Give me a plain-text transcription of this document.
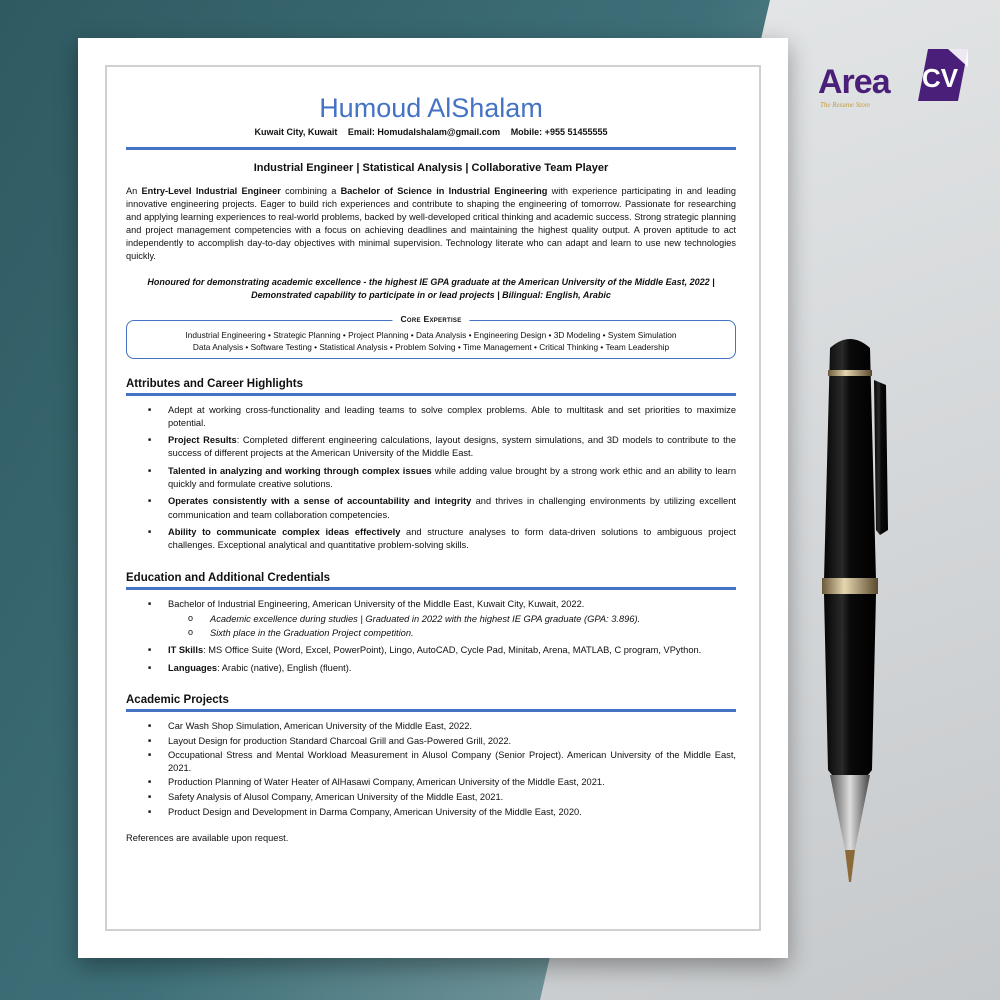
Humoud AlShalam
Kuwait City, Kuwait Email: Homudalshalam@gmail.com Mobile: +955 51455555
Industrial Engineer | Statistical Analysis | Collaborative Team Player
An Entry-Level Industrial Engineer combining a Bachelor of Science in Industrial Engineering with experience participating in and leading innovative engineering projects. Eager to build rich experiences and contribute to shaping the engineering of tomorrow. Passionate for researching and applying learning experiences to real-world problems, backed by well-developed critical thinking and academic success. Strong strategic planning and project management competencies with a focus on achieving deadlines and maintaining the highest quality output. A proven aptitude to act independently to accomplish day-to-day objectives with minimal supervision. Technology literate who can adapt and learn to use new technologies quickly.
Honoured for demonstrating academic excellence - the highest IE GPA graduate at the American University of the Middle East, 2022 |
Demonstrated capability to participate in or lead projects | Bilingual: English, Arabic
Core Expertise
Industrial Engineering • Strategic Planning • Project Planning • Data Analysis • Engineering Design • 3D Modeling • System Simulation
Data Analysis • Software Testing • Statistical Analysis • Problem Solving • Time Management • Critical Thinking • Team Leadership
Attributes and Career Highlights
■ Adept at working cross-functionality and leading teams to solve complex problems. Able to multitask and set priorities to maximize potential.
■ Project Results: Completed different engineering calculations, layout designs, system simulations, and 3D models to contribute to the success of different projects at the American University of the Middle East.
■ Talented in analyzing and working through complex issues while adding value brought by a strong work ethic and an ability to learn quickly and formulate creative solutions.
■ Operates consistently with a sense of accountability and integrity and thrives in challenging environments by utilizing excellent communication and team collaboration competencies.
■ Ability to communicate complex ideas effectively and structure analyses to form data-driven solutions to ambiguous project challenges. Exceptional analytical and quantitative problem-solving skills.
Education and Additional Credentials
■ Bachelor of Industrial Engineering, American University of the Middle East, Kuwait City, Kuwait, 2022.
o Academic excellence during studies | Graduated in 2022 with the highest IE GPA graduate (GPA: 3.896).
o Sixth place in the Graduation Project competition.
■ IT Skills: MS Office Suite (Word, Excel, PowerPoint), Lingo, AutoCAD, Cycle Pad, Minitab, Arena, MATLAB, C program, VPython.
■ Languages: Arabic (native), English (fluent).
Academic Projects
■ Car Wash Shop Simulation, American University of the Middle East, 2022.
■ Layout Design for production Standard Charcoal Grill and Gas-Powered Grill, 2022.
■ Occupational Stress and Mental Workload Measurement in Alusol Company (Senior Project). American University of the Middle East, 2021.
■ Production Planning of Water Heater of AlHasawi Company, American University of the Middle East, 2021.
■ Safety Analysis of Alusol Company, American University of the Middle East, 2021.
■ Product Design and Development in Darma Company, American University of the Middle East, 2020.
References are available upon request.
CV
Area
The Resume Store
